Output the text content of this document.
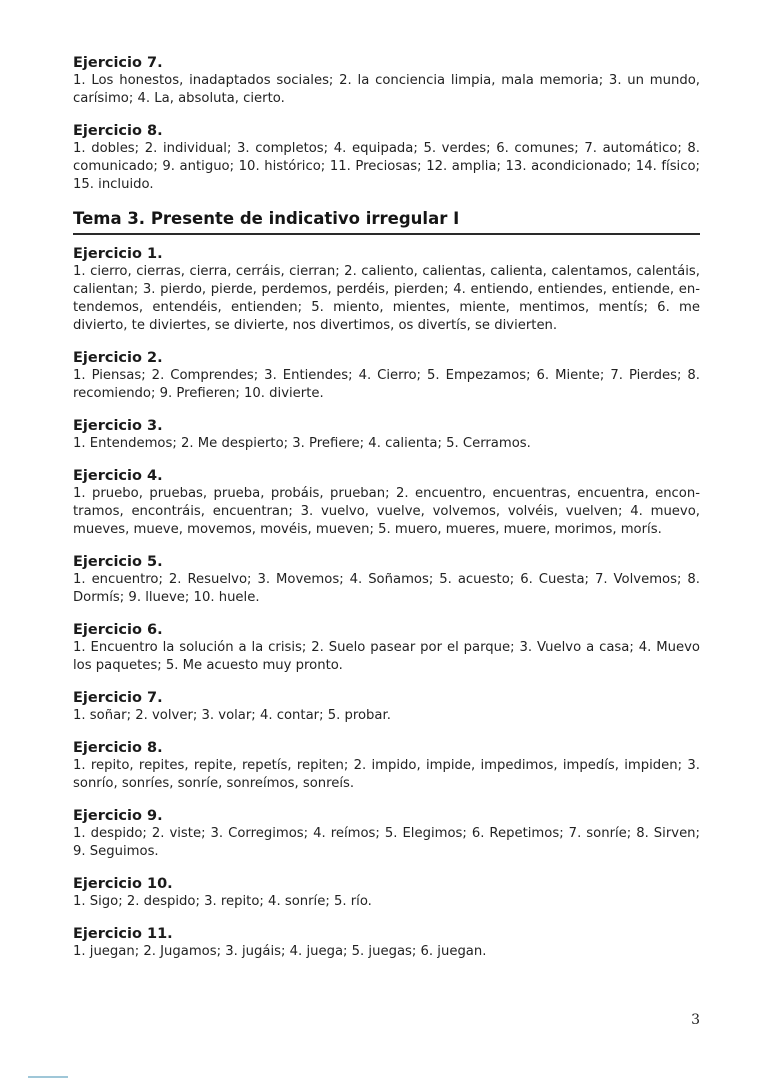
Ejercicio 7.

1. Los honestos, inadaptados sociales; 2. la conciencia limpia, mala memoria; 3. un mundo, carísimo; 4. La, absoluta, cierto.

Ejercicio 8.

1. dobles; 2. individual; 3. completos; 4. equipada; 5. verdes; 6. comunes; 7. automático; 8. comunicado; 9. antiguo; 10. histórico; 11. Preciosas; 12. amplia; 13. acondicionado; 14. físico; 15. incluido.

Tema 3. Presente de indicativo irregular I

Ejercicio 1.

1. cierro, cierras, cierra, cerráis, cierran; 2. caliento, calientas, calienta, calentamos, calentáis, calientan; 3. pierdo, pierde, perdemos, perdéis, pierden; 4. entiendo, entiendes, entiende, entendemos, entendéis, entienden; 5. miento, mientes, miente, mentimos, mentís; 6. me divierto, te diviertes, se divierte, nos divertimos, os divertís, se divierten.

Ejercicio 2.

1. Piensas; 2. Comprendes; 3. Entiendes; 4. Cierro; 5. Empezamos; 6. Miente; 7. Pierdes; 8. recomiendo; 9. Prefieren; 10. divierte.

Ejercicio 3.

1. Entendemos; 2. Me despierto; 3. Prefiere; 4. calienta; 5. Cerramos.

Ejercicio 4.

1. pruebo, pruebas, prueba, probáis, prueban; 2. encuentro, encuentras, encuentra, encontramos, encontráis, encuentran; 3. vuelvo, vuelve, volvemos, volvéis, vuelven; 4. muevo, mueves, mueve, movemos, movéis, mueven; 5. muero, mueres, muere, morimos, morís.

Ejercicio 5.

1. encuentro; 2. Resuelvo; 3. Movemos; 4. Soñamos; 5. acuesto; 6. Cuesta; 7. Volvemos; 8. Dormís; 9. llueve; 10. huele.

Ejercicio 6.

1. Encuentro la solución a la crisis; 2. Suelo pasear por el parque; 3. Vuelvo a casa; 4. Muevo los paquetes; 5. Me acuesto muy pronto.

Ejercicio 7.

1. soñar; 2. volver; 3. volar; 4. contar; 5. probar.

Ejercicio 8.

1. repito, repites, repite, repetís, repiten; 2. impido, impide, impedimos, impedís, impiden; 3. sonrío, sonríes, sonríe, sonreímos, sonreís.

Ejercicio 9.

1. despido; 2. viste; 3. Corregimos; 4. reímos; 5. Elegimos; 6. Repetimos; 7. sonríe; 8. Sirven; 9. Seguimos.

Ejercicio 10.

1. Sigo; 2. despido; 3. repito; 4. sonríe; 5. río.

Ejercicio 11.

1. juegan; 2. Jugamos; 3. jugáis; 4. juega; 5. juegas; 6. juegan.

3
